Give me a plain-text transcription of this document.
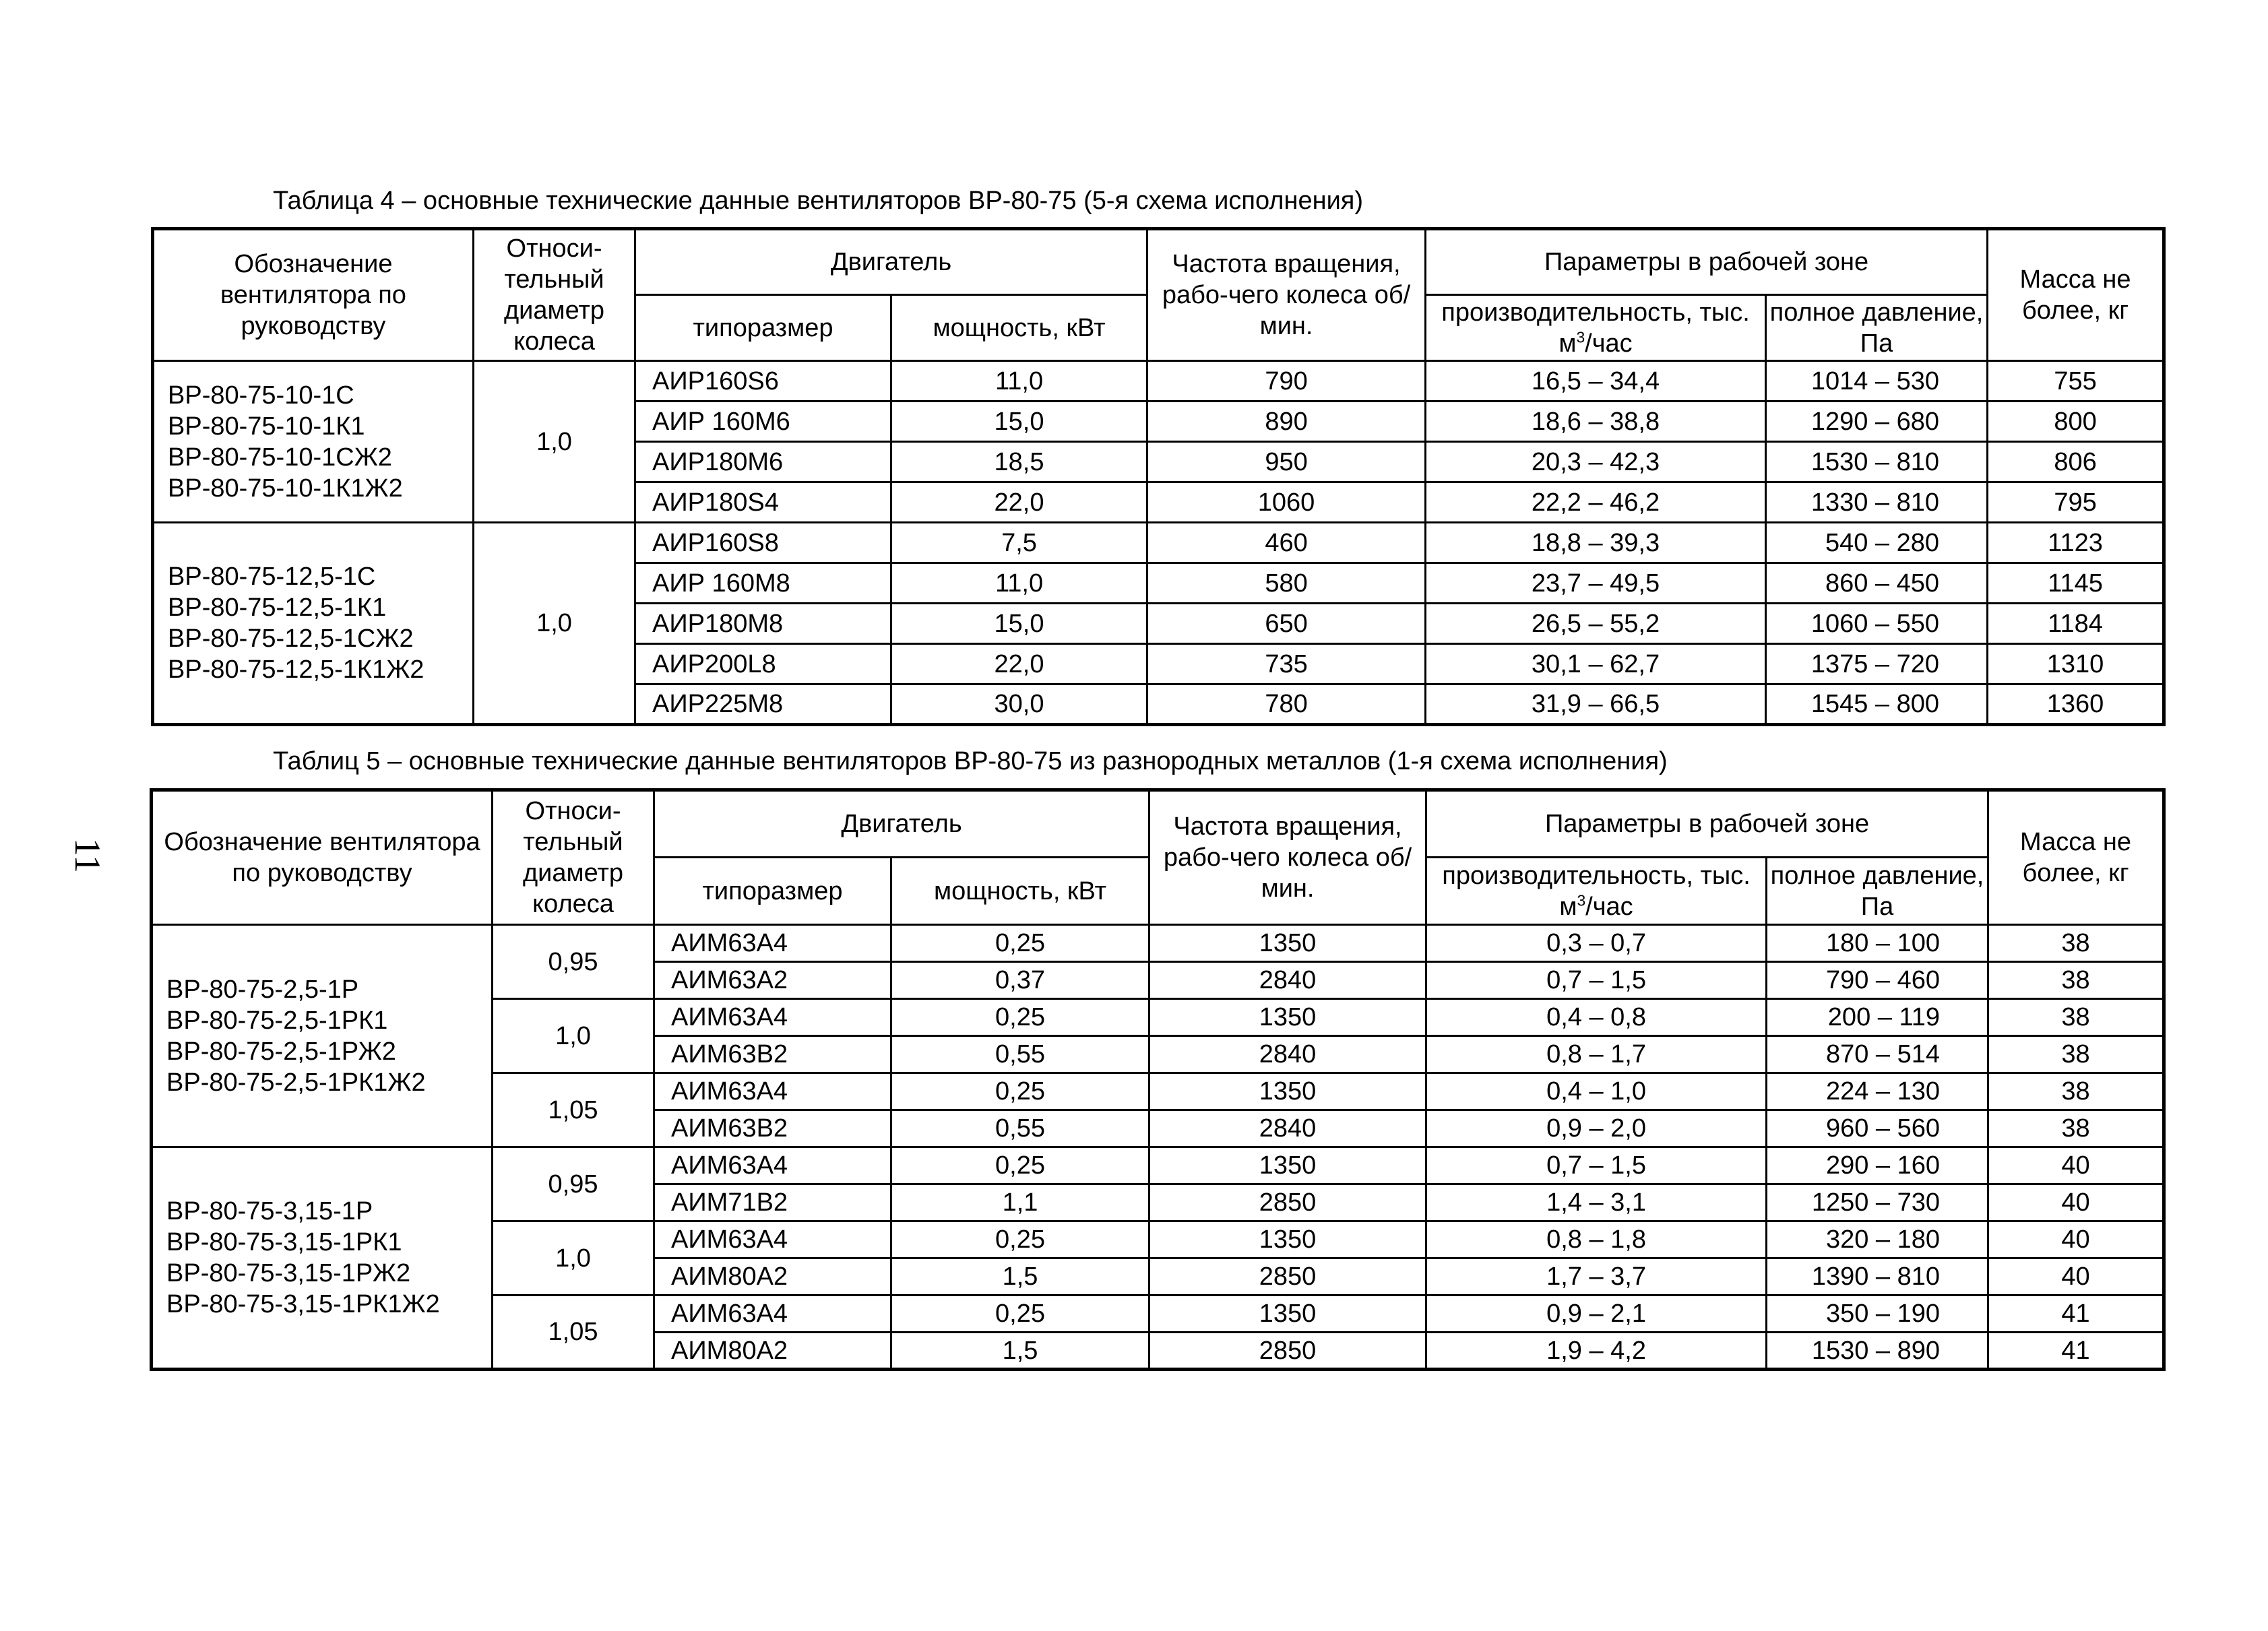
Таблица 4 – основные технические данные вентиляторов ВР-80-75 (5-я схема исполнения)
Обозначение вентилятора по руководству	Относи-тельный диаметр колеса	Двигатель		Частота вращения, рабо-чего колеса об/мин.	Параметры в рабочей зоне		Масса не более, кг
		типоразмер	мощность, кВт		производительность, тыс. $м^3$/час	полное давление, Па	

ВР-80-75-10-1С
ВР-80-75-10-1К1
ВР-80-75-10-1СЖ2
ВР-80-75-10-1К1Ж2	1,0	АИР160S6	11,0	790	16,5 – 34,4	1014 – 530	755
		АИР 160М6	15,0	890	18,6 – 38,8	1290 – 680	800
		АИР180М6	18,5	950	20,3 – 42,3	1530 – 810	806
		АИР180S4	22,0	1060	22,2 – 46,2	1330 – 810	795

ВР-80-75-12,5-1С
ВР-80-75-12,5-1К1
ВР-80-75-12,5-1СЖ2
ВР-80-75-12,5-1К1Ж2	1,0	АИР160S8	7,5	460	18,8 – 39,3	540 – 280	1123
		АИР 160М8	11,0	580	23,7 – 49,5	860 – 450	1145
		АИР180М8	15,0	650	26,5 – 55,2	1060 – 550	1184
		АИР200L8	22,0	735	30,1 – 62,7	1375 – 720	1310
		АИР225М8	30,0	780	31,9 – 66,5	1545 – 800	1360
Таблиц 5 – основные технические данные вентиляторов ВР-80-75 из разнородных металлов (1-я схема исполнения)
Обозначение вентилятора по руководству	Относи-тельный диаметр колеса	Двигатель		Частота вращения, рабо-чего колеса об/мин.	Параметры в рабочей зоне		Масса не более, кг
		типоразмер	мощность, кВт		производительность, тыс. $м^3$/час	полное давление, Па	

ВР-80-75-2,5-1Р
ВР-80-75-2,5-1РК1
ВР-80-75-2,5-1РЖ2
ВР-80-75-2,5-1РК1Ж2	0,95	АИМ63А4	0,25	1350	0,3 – 0,7	180 – 100	38
		АИМ63А2	0,37	2840	0,7 – 1,5	790 – 460	38
	1,0	АИМ63А4	0,25	1350	0,4 – 0,8	200 – 119	38
		АИМ63В2	0,55	2840	0,8 – 1,7	870 – 514	38
	1,05	АИМ63А4	0,25	1350	0,4 – 1,0	224 – 130	38
		АИМ63В2	0,55	2840	0,9 – 2,0	960 – 560	38

ВР-80-75-3,15-1Р
ВР-80-75-3,15-1РК1
ВР-80-75-3,15-1РЖ2
ВР-80-75-3,15-1РК1Ж2	0,95	АИМ63А4	0,25	1350	0,7 – 1,5	290 – 160	40
		АИМ71В2	1,1	2850	1,4 – 3,1	1250 – 730	40
	1,0	АИМ63А4	0,25	1350	0,8 – 1,8	320 – 180	40
		АИМ80А2	1,5	2850	1,7 – 3,7	1390 – 810	40
	1,05	АИМ63А4	0,25	1350	0,9 – 2,1	350 – 190	41
		АИМ80А2	1,5	2850	1,9 – 4,2	1530 – 890	41
11
